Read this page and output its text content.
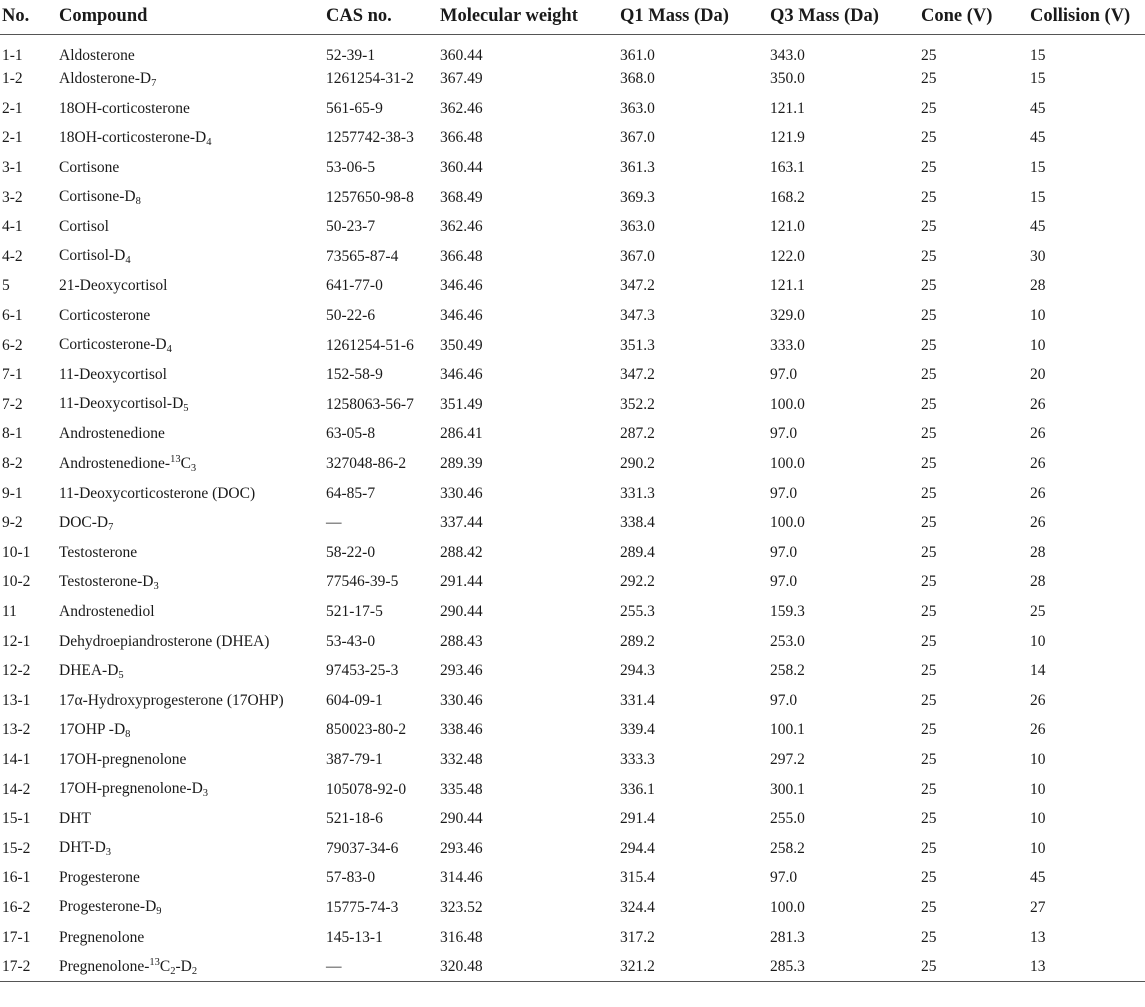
No.	Compound	CAS no.	Molecular weight	Q1 Mass (Da)	Q3 Mass (Da)	Cone (V)	Collision (V)
1-1	Aldosterone	52-39-1	360.44	361.0	343.0	25	15
1-2	Aldosterone-$D_7$	1261254-31-2	367.49	368.0	350.0	25	15
2-1	18OH-corticosterone	561-65-9	362.46	363.0	121.1	25	45
2-1	$18OH-corticosterone-D_4$	1257742-38-3	366.48	367.0	121.9	25	45
3-1	Cortisone	53-06-5	360.44	361.3	163.1	25	15
3-2	Cortisone-$D_8$	1257650-98-8	368.49	369.3	168.2	25	15
4-1	Cortisol	50-23-7	362.46	363.0	121.0	25	45
4-2	Cortisol-$D_4$	73565-87-4	366.48	367.0	122.0	25	30
5	21-Deoxycortisol	641-77-0	346.46	347.2	121.1	25	28
6-1	Corticosterone	50-22-6	346.46	347.3	329.0	25	10
6-2	Corticosterone-$D_4$	1261254-51-6	350.49	351.3	333.0	25	10
7-1	11-Deoxycortisol	152-58-9	346.46	347.2	97.0	25	20
7-2	$11-Deoxycortisol-D_5$	1258063-56-7	351.49	352.2	100.0	25	26
8-1	Androstenedione	63-05-8	286.41	287.2	97.0	25	26
8-2	Androstenedione-$^{13}C_3$	327048-86-2	289.39	290.2	100.0	25	26
9-1	11-Deoxycorticosterone (DOC)	64-85-7	330.46	331.3	97.0	25	26
9-2	DOC-$D_7$	—	337.44	338.4	100.0	25	26
10-1	Testosterone	58-22-0	288.42	289.4	97.0	25	28
10-2	Testosterone-$D_3$	77546-39-5	291.44	292.2	97.0	25	28
11	Androstenediol	521-17-5	290.44	255.3	159.3	25	25
12-1	Dehydroepiandrosterone (DHEA)	53-43-0	288.43	289.2	253.0	25	10
12-2	DHEA-$D_5$	97453-25-3	293.46	294.3	258.2	25	14
13-1	17α-Hydroxyprogesterone (17OHP)	604-09-1	330.46	331.4	97.0	25	26
13-2	17OHP $-D_8$	850023-80-2	338.46	339.4	100.1	25	26
14-1	17OH-pregnenolone	387-79-1	332.48	333.3	297.2	25	10
14-2	$17OH-pregnenolone-D_3$	105078-92-0	335.48	336.1	300.1	25	10
15-1	DHT	521-18-6	290.44	291.4	255.0	25	10
15-2	DHT-$D_3$	79037-34-6	293.46	294.4	258.2	25	10
16-1	Progesterone	57-83-0	314.46	315.4	97.0	25	45
16-2	Progesterone-$D_9$	15775-74-3	323.52	324.4	100.0	25	27
17-1	Pregnenolone	145-13-1	316.48	317.2	281.3	25	13
17-2	Pregnenolone-$^{13}C_2-D_2$	—	320.48	321.2	285.3	25	13
